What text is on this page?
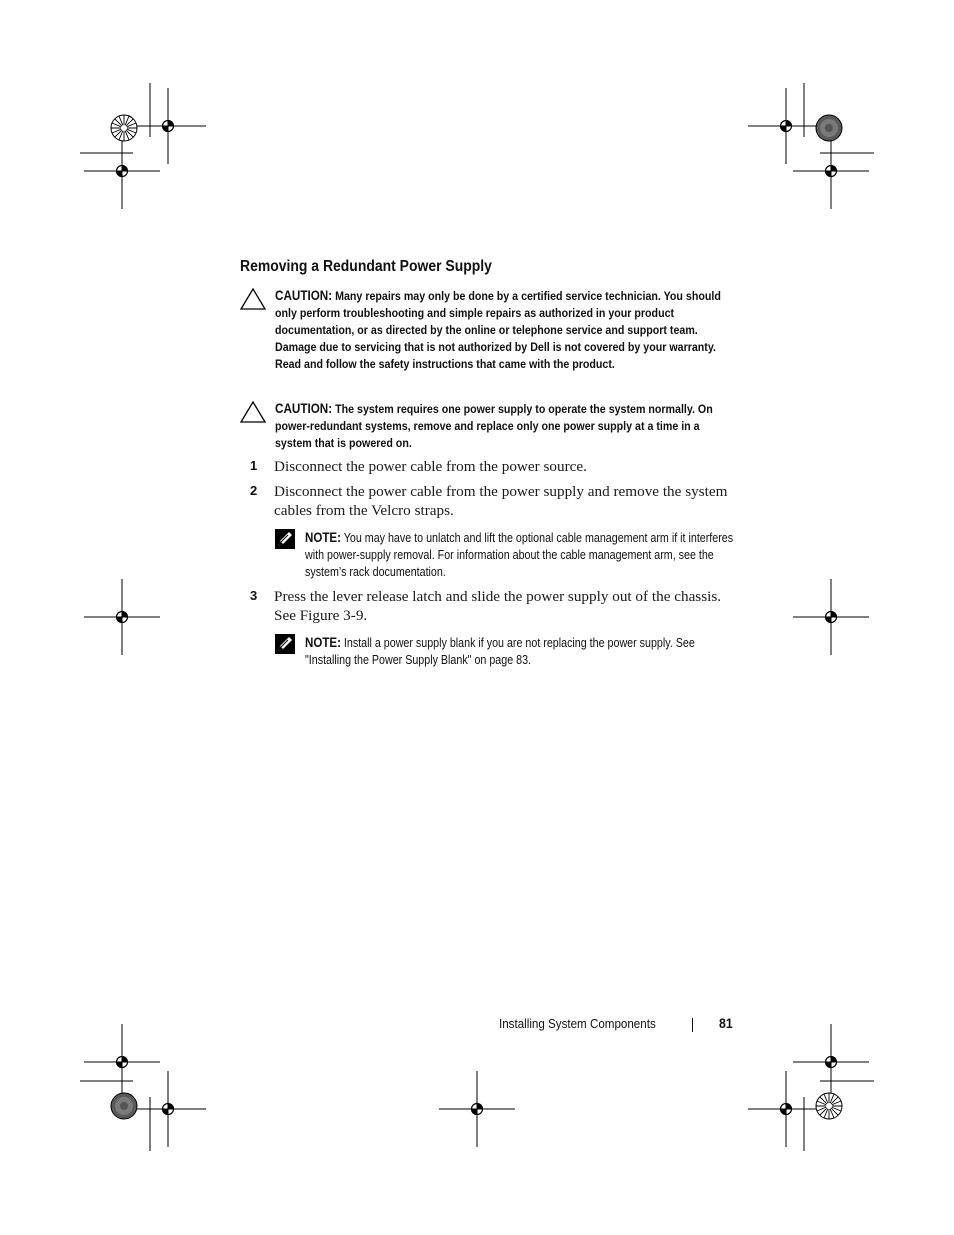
Removing a Redundant Power Supply
CAUTION: Many repairs may only be done by a certified service technician. You should only perform troubleshooting and simple repairs as authorized in your product documentation, or as directed by the online or telephone service and support team. Damage due to servicing that is not authorized by Dell is not covered by your warranty. Read and follow the safety instructions that came with the product.
CAUTION: The system requires one power supply to operate the system normally. On power-redundant systems, remove and replace only one power supply at a time in a system that is powered on.
1 Disconnect the power cable from the power source.
2 Disconnect the power cable from the power supply and remove the system cables from the Velcro straps.
NOTE: You may have to unlatch and lift the optional cable management arm if it interferes with power-supply removal. For information about the cable management arm, see the system’s rack documentation.
3 Press the lever release latch and slide the power supply out of the chassis. See Figure 3-9.
NOTE: Install a power supply blank if you are not replacing the power supply. See "Installing the Power Supply Blank" on page 83.
Installing System Components	81
